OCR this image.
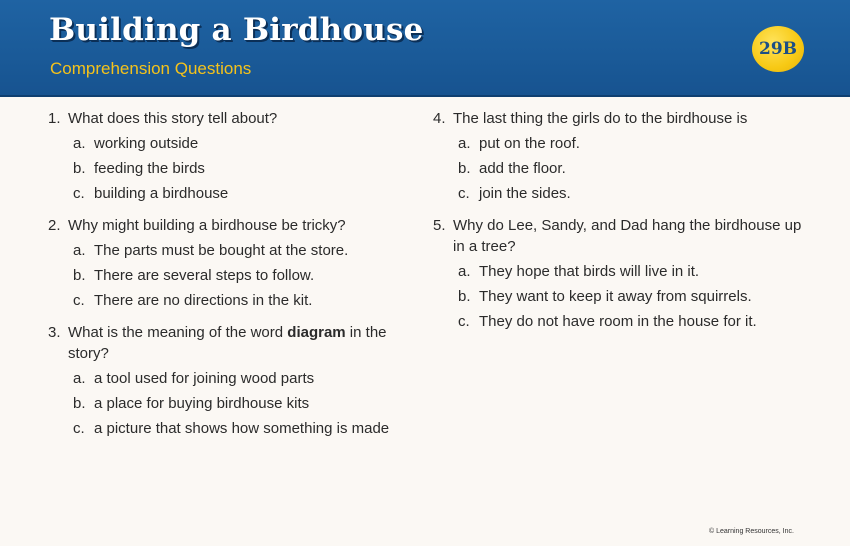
Building a Birdhouse
Comprehension Questions
29B
1. What does this story tell about?
a. working outside
b. feeding the birds
c. building a birdhouse
2. Why might building a birdhouse be tricky?
a. The parts must be bought at the store.
b. There are several steps to follow.
c. There are no directions in the kit.
3. What is the meaning of the word diagram in the story?
a. a tool used for joining wood parts
b. a place for buying birdhouse kits
c. a picture that shows how something is made
4. The last thing the girls do to the birdhouse is
a. put on the roof.
b. add the floor.
c. join the sides.
5. Why do Lee, Sandy, and Dad hang the birdhouse up in a tree?
a. They hope that birds will live in it.
b. They want to keep it away from squirrels.
c. They do not have room in the house for it.
© Learning Resources, Inc.
